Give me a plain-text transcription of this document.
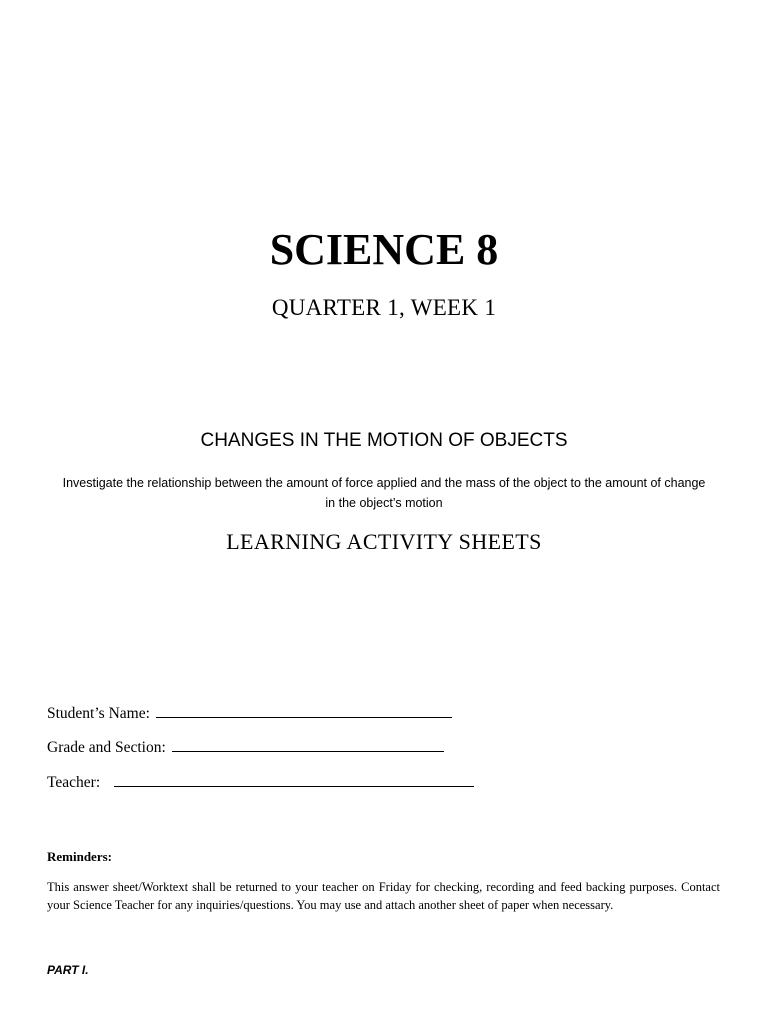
SCIENCE 8
QUARTER 1, WEEK 1
CHANGES IN THE MOTION OF OBJECTS
Investigate the relationship between the amount of force applied and the mass of the object to the amount of change in the object’s motion
LEARNING ACTIVITY SHEETS
Student’s Name:
Grade and Section:
Teacher:
Reminders:

This answer sheet/Worktext shall be returned to your teacher on Friday for checking, recording and feed backing purposes. Contact your Science Teacher for any inquiries/questions. You may use and attach another sheet of paper when necessary.

PART I.
